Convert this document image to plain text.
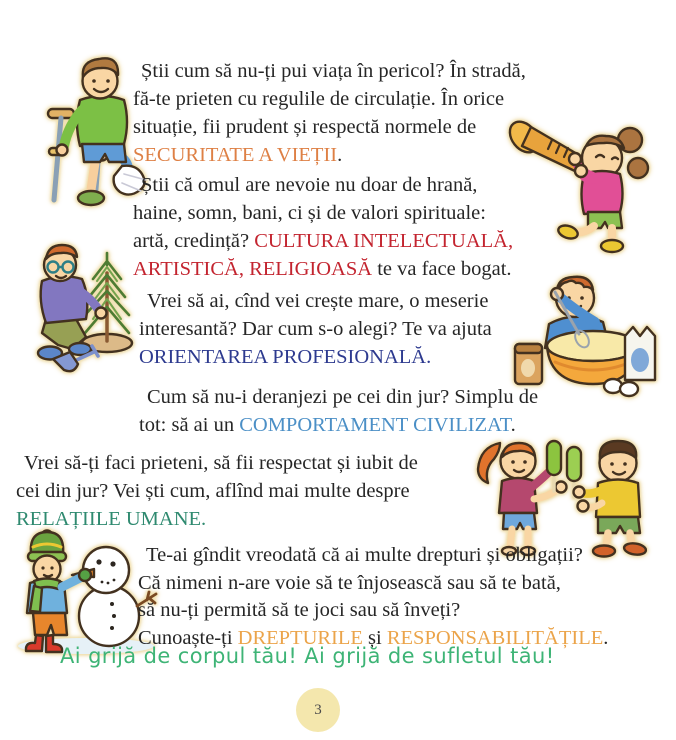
Știi cum să nu-ți pui viața în pericol? În stradă,
fă-te prieten cu regulile de circulație. În orice
situație, fii prudent și respectă normele de
SECURITATE A VIEȚII.
Știi că omul are nevoie nu doar de hrană,
haine, somn, bani, ci și de valori spirituale:
artă, credință? CULTURA INTELECTUALĂ,
ARTISTICĂ, RELIGIOASĂ te va face bogat.
Vrei să ai, cînd vei crește mare, o meserie
interesantă? Dar cum s-o alegi? Te va ajuta
ORIENTAREA PROFESIONALĂ.
Cum să nu-i deranjezi pe cei din jur? Simplu de
tot: să ai un COMPORTAMENT CIVILIZAT.
Vrei să-ți faci prieteni, să fii respectat și iubit de
cei din jur? Vei ști cum, aflînd mai multe despre
RELAȚIILE UMANE.
Te-ai gîndit vreodată că ai multe drepturi și obligații?
Că nimeni n-are voie să te înjosească sau să te bată,
să nu-ți permită să te joci sau să înveți?
Cunoaște-ți DREPTURILE și RESPONSABILITĂȚILE.
Ai grijă de corpul tău! Ai grijă de sufletul tău!
3
